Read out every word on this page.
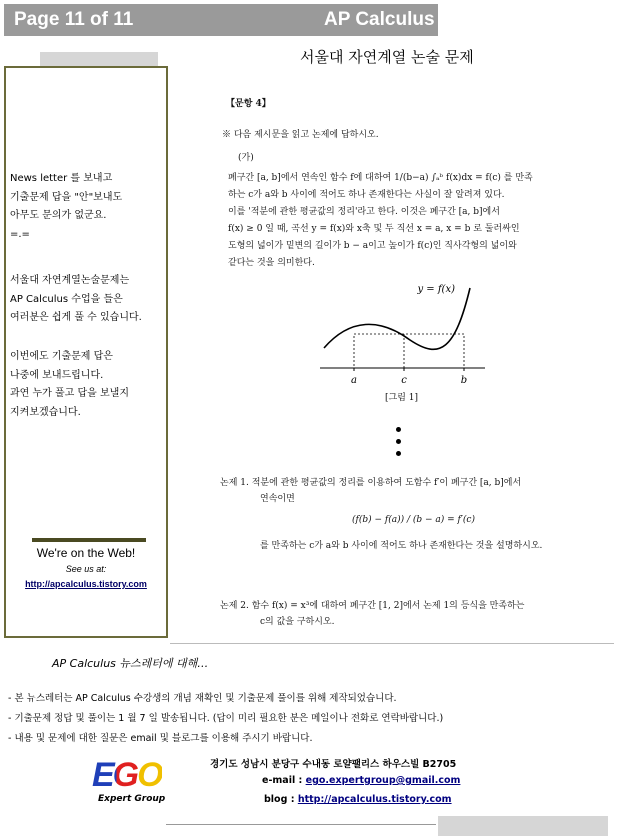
Page 11 of 11	AP Calculus

News letter 를 보내고

기출문제 답을 "안"보내도

아무도 문의가 없군요.

=.=

서울대 자연계열논술문제는

AP Calculus 수업을 들은

여러분은 쉽게 풀 수 있습니다.

이번에도 기출문제 답은

나중에 보내드립니다.

과연 누가 풀고 답을 보낼지

지켜보겠습니다.

We're on the Web!
See us at:
http://apcalculus.tistory.com
서울대 자연계열 논술 문제
【문항 4】
※ 다음 제시문을 읽고 논제에 답하시오.
(가)
폐구간 [a, b]에서 연속인 함수 f에 대하여 1/(b−a) ∫ₐᵇ f(x)dx = f(c) 를 만족
하는 c가 a와 b 사이에 적어도 하나 존재한다는 사실이 잘 알려져 있다.
이를 '적분에 관한 평균값의 정리'라고 한다. 이것은 폐구간 [a, b]에서
f(x) ≥ 0 일 때, 곡선 y = f(x)와 x축 및 두 직선 x = a, x = b 로 둘러싸인
도형의 넓이가 밑변의 길이가 b − a이고 높이가 f(c)인 직사각형의 넓이와
같다는 것을 의미한다.
y = f(x)
a	c	b
[그림 1]
논제 1. 적분에 관한 평균값의 정리를 이용하여 도함수 f′이 폐구간 [a, b]에서
연속이면
(f(b) − f(a)) / (b − a) = f′(c)
를 만족하는 c가 a와 b 사이에 적어도 하나 존재한다는 것을 설명하시오.
논제 2. 함수 f(x) = x³에 대하여 폐구간 [1, 2]에서 논제 1의 등식을 만족하는
c의 값을 구하시오.
AP Calculus 뉴스레터에 대해…
- 본 뉴스레터는 AP Calculus 수강생의 개념 재확인 및 기출문제 풀이를 위해 제작되었습니다.
- 기출문제 정답 및 풀이는 1 월 7 일 발송됩니다. (답이 미리 필요한 분은 메일이나 전화로 연락바랍니다.)
- 내용 및 문제에 대한 질문은 email 및 블로그를 이용해 주시기 바랍니다.
EGO
Expert Group
경기도 성남시 분당구 수내동 로얄팰리스 하우스빌 B2705
e-mail : ego.expertgroup@gmail.com
blog : http://apcalculus.tistory.com
